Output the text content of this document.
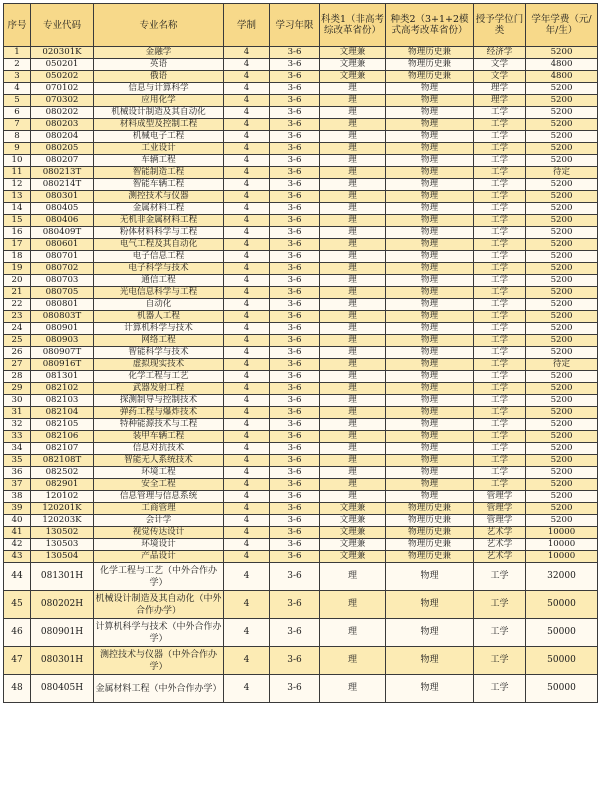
序号	专业代码	专业名称	学制	学习年限	科类1（非高考综改革省份）	种类2（3+1+2模式高考改革省份）	授予学位门类	学年学费（元/年/生）
1	020301K	金融学	4	3-6	文理兼	物理历史兼	经济学	5200
2	050201	英语	4	3-6	文理兼	物理历史兼	文学	4800
3	050202	俄语	4	3-6	文理兼	物理历史兼	文学	4800
4	070102	信息与计算科学	4	3-6	理	物理	理学	5200
5	070302	应用化学	4	3-6	理	物理	理学	5200
6	080202	机械设计制造及其自动化	4	3-6	理	物理	工学	5200
7	080203	材料成型及控制工程	4	3-6	理	物理	工学	5200
8	080204	机械电子工程	4	3-6	理	物理	工学	5200
9	080205	工业设计	4	3-6	理	物理	工学	5200
10	080207	车辆工程	4	3-6	理	物理	工学	5200
11	080213T	智能制造工程	4	3-6	理	物理	工学	待定
12	080214T	智能车辆工程	4	3-6	理	物理	工学	5200
13	080301	测控技术与仪器	4	3-6	理	物理	工学	5200
14	080405	金属材料工程	4	3-6	理	物理	工学	5200
15	080406	无机非金属材料工程	4	3-6	理	物理	工学	5200
16	080409T	粉体材料科学与工程	4	3-6	理	物理	工学	5200
17	080601	电气工程及其自动化	4	3-6	理	物理	工学	5200
18	080701	电子信息工程	4	3-6	理	物理	工学	5200
19	080702	电子科学与技术	4	3-6	理	物理	工学	5200
20	080703	通信工程	4	3-6	理	物理	工学	5200
21	080705	光电信息科学与工程	4	3-6	理	物理	工学	5200
22	080801	自动化	4	3-6	理	物理	工学	5200
23	080803T	机器人工程	4	3-6	理	物理	工学	5200
24	080901	计算机科学与技术	4	3-6	理	物理	工学	5200
25	080903	网络工程	4	3-6	理	物理	工学	5200
26	080907T	智能科学与技术	4	3-6	理	物理	工学	5200
27	080916T	虚拟现实技术	4	3-6	理	物理	工学	待定
28	081301	化学工程与工艺	4	3-6	理	物理	工学	5200
29	082102	武器发射工程	4	3-6	理	物理	工学	5200
30	082103	探测制导与控制技术	4	3-6	理	物理	工学	5200
31	082104	弹药工程与爆炸技术	4	3-6	理	物理	工学	5200
32	082105	特种能源技术与工程	4	3-6	理	物理	工学	5200
33	082106	装甲车辆工程	4	3-6	理	物理	工学	5200
34	082107	信息对抗技术	4	3-6	理	物理	工学	5200
35	082108T	智能无人系统技术	4	3-6	理	物理	工学	5200
36	082502	环境工程	4	3-6	理	物理	工学	5200
37	082901	安全工程	4	3-6	理	物理	工学	5200
38	120102	信息管理与信息系统	4	3-6	理	物理	管理学	5200
39	120201K	工商管理	4	3-6	文理兼	物理历史兼	管理学	5200
40	120203K	会计学	4	3-6	文理兼	物理历史兼	管理学	5200
41	130502	视觉传达设计	4	3-6	文理兼	物理历史兼	艺术学	10000
42	130503	环境设计	4	3-6	文理兼	物理历史兼	艺术学	10000
43	130504	产品设计	4	3-6	文理兼	物理历史兼	艺术学	10000
44	081301H	化学工程与工艺（中外合作办学）	4	3-6	理	物理	工学	32000
45	080202H	机械设计制造及其自动化（中外合作办学）	4	3-6	理	物理	工学	50000
46	080901H	计算机科学与技术（中外合作办学）	4	3-6	理	物理	工学	50000
47	080301H	测控技术与仪器（中外合作办学）	4	3-6	理	物理	工学	50000
48	080405H	金属材料工程（中外合作办学）	4	3-6	理	物理	工学	50000
